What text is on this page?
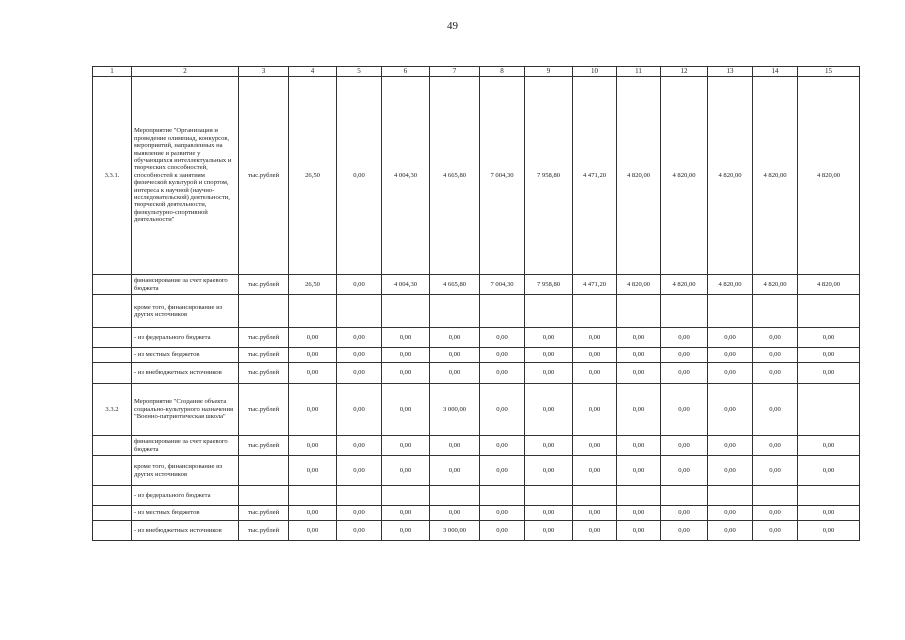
49
1	2	3	4	5	6	7	8	9	10	11	12	13	14	15
3.3.1.	Мероприятие "Организация и проведение олимпиад, конкурсов, мероприятий, направленных на выявление и развитие у обучающихся интеллектуальных и творческих способностей, способностей к занятиям физической культурой и спортом, интереса к научной (научно-исследовательской) деятельности, творческой деятельности, физкультурно-спортивной деятельности"	тыс.рублей	26,50	0,00	4 004,30	4 665,80	7 004,30	7 958,80	4 471,20	4 820,00	4 820,00	4 820,00	4 820,00	4 820,00
	финансирование за счет краевого бюджета	тыс.рублей	26,50	0,00	4 004,30	4 665,80	7 004,30	7 958,80	4 471,20	4 820,00	4 820,00	4 820,00	4 820,00	4 820,00
	кроме того, финансирование из других источников													
	- из федерального бюджета	тыс.рублей	0,00	0,00	0,00	0,00	0,00	0,00	0,00	0,00	0,00	0,00	0,00	0,00
	- из местных бюджетов	тыс.рублей	0,00	0,00	0,00	0,00	0,00	0,00	0,00	0,00	0,00	0,00	0,00	0,00
	- из внебюджетных источников	тыс.рублей	0,00	0,00	0,00	0,00	0,00	0,00	0,00	0,00	0,00	0,00	0,00	0,00
3.3.2	Мероприятие "Создание объекта социально-культурного назначения "Военно-патриотическая школа"	тыс.рублей	0,00	0,00	0,00	3 000,00	0,00	0,00	0,00	0,00	0,00	0,00	0,00	
	финансирование за счет краевого бюджета	тыс.рублей	0,00	0,00	0,00	0,00	0,00	0,00	0,00	0,00	0,00	0,00	0,00	0,00
	кроме того, финансирование из других источников		0,00	0,00	0,00	0,00	0,00	0,00	0,00	0,00	0,00	0,00	0,00	0,00
	- из федерального бюджета													
	- из местных бюджетов	тыс.рублей	0,00	0,00	0,00	0,00	0,00	0,00	0,00	0,00	0,00	0,00	0,00	0,00
	- из внебюджетных источников	тыс.рублей	0,00	0,00	0,00	3 000,00	0,00	0,00	0,00	0,00	0,00	0,00	0,00	0,00
